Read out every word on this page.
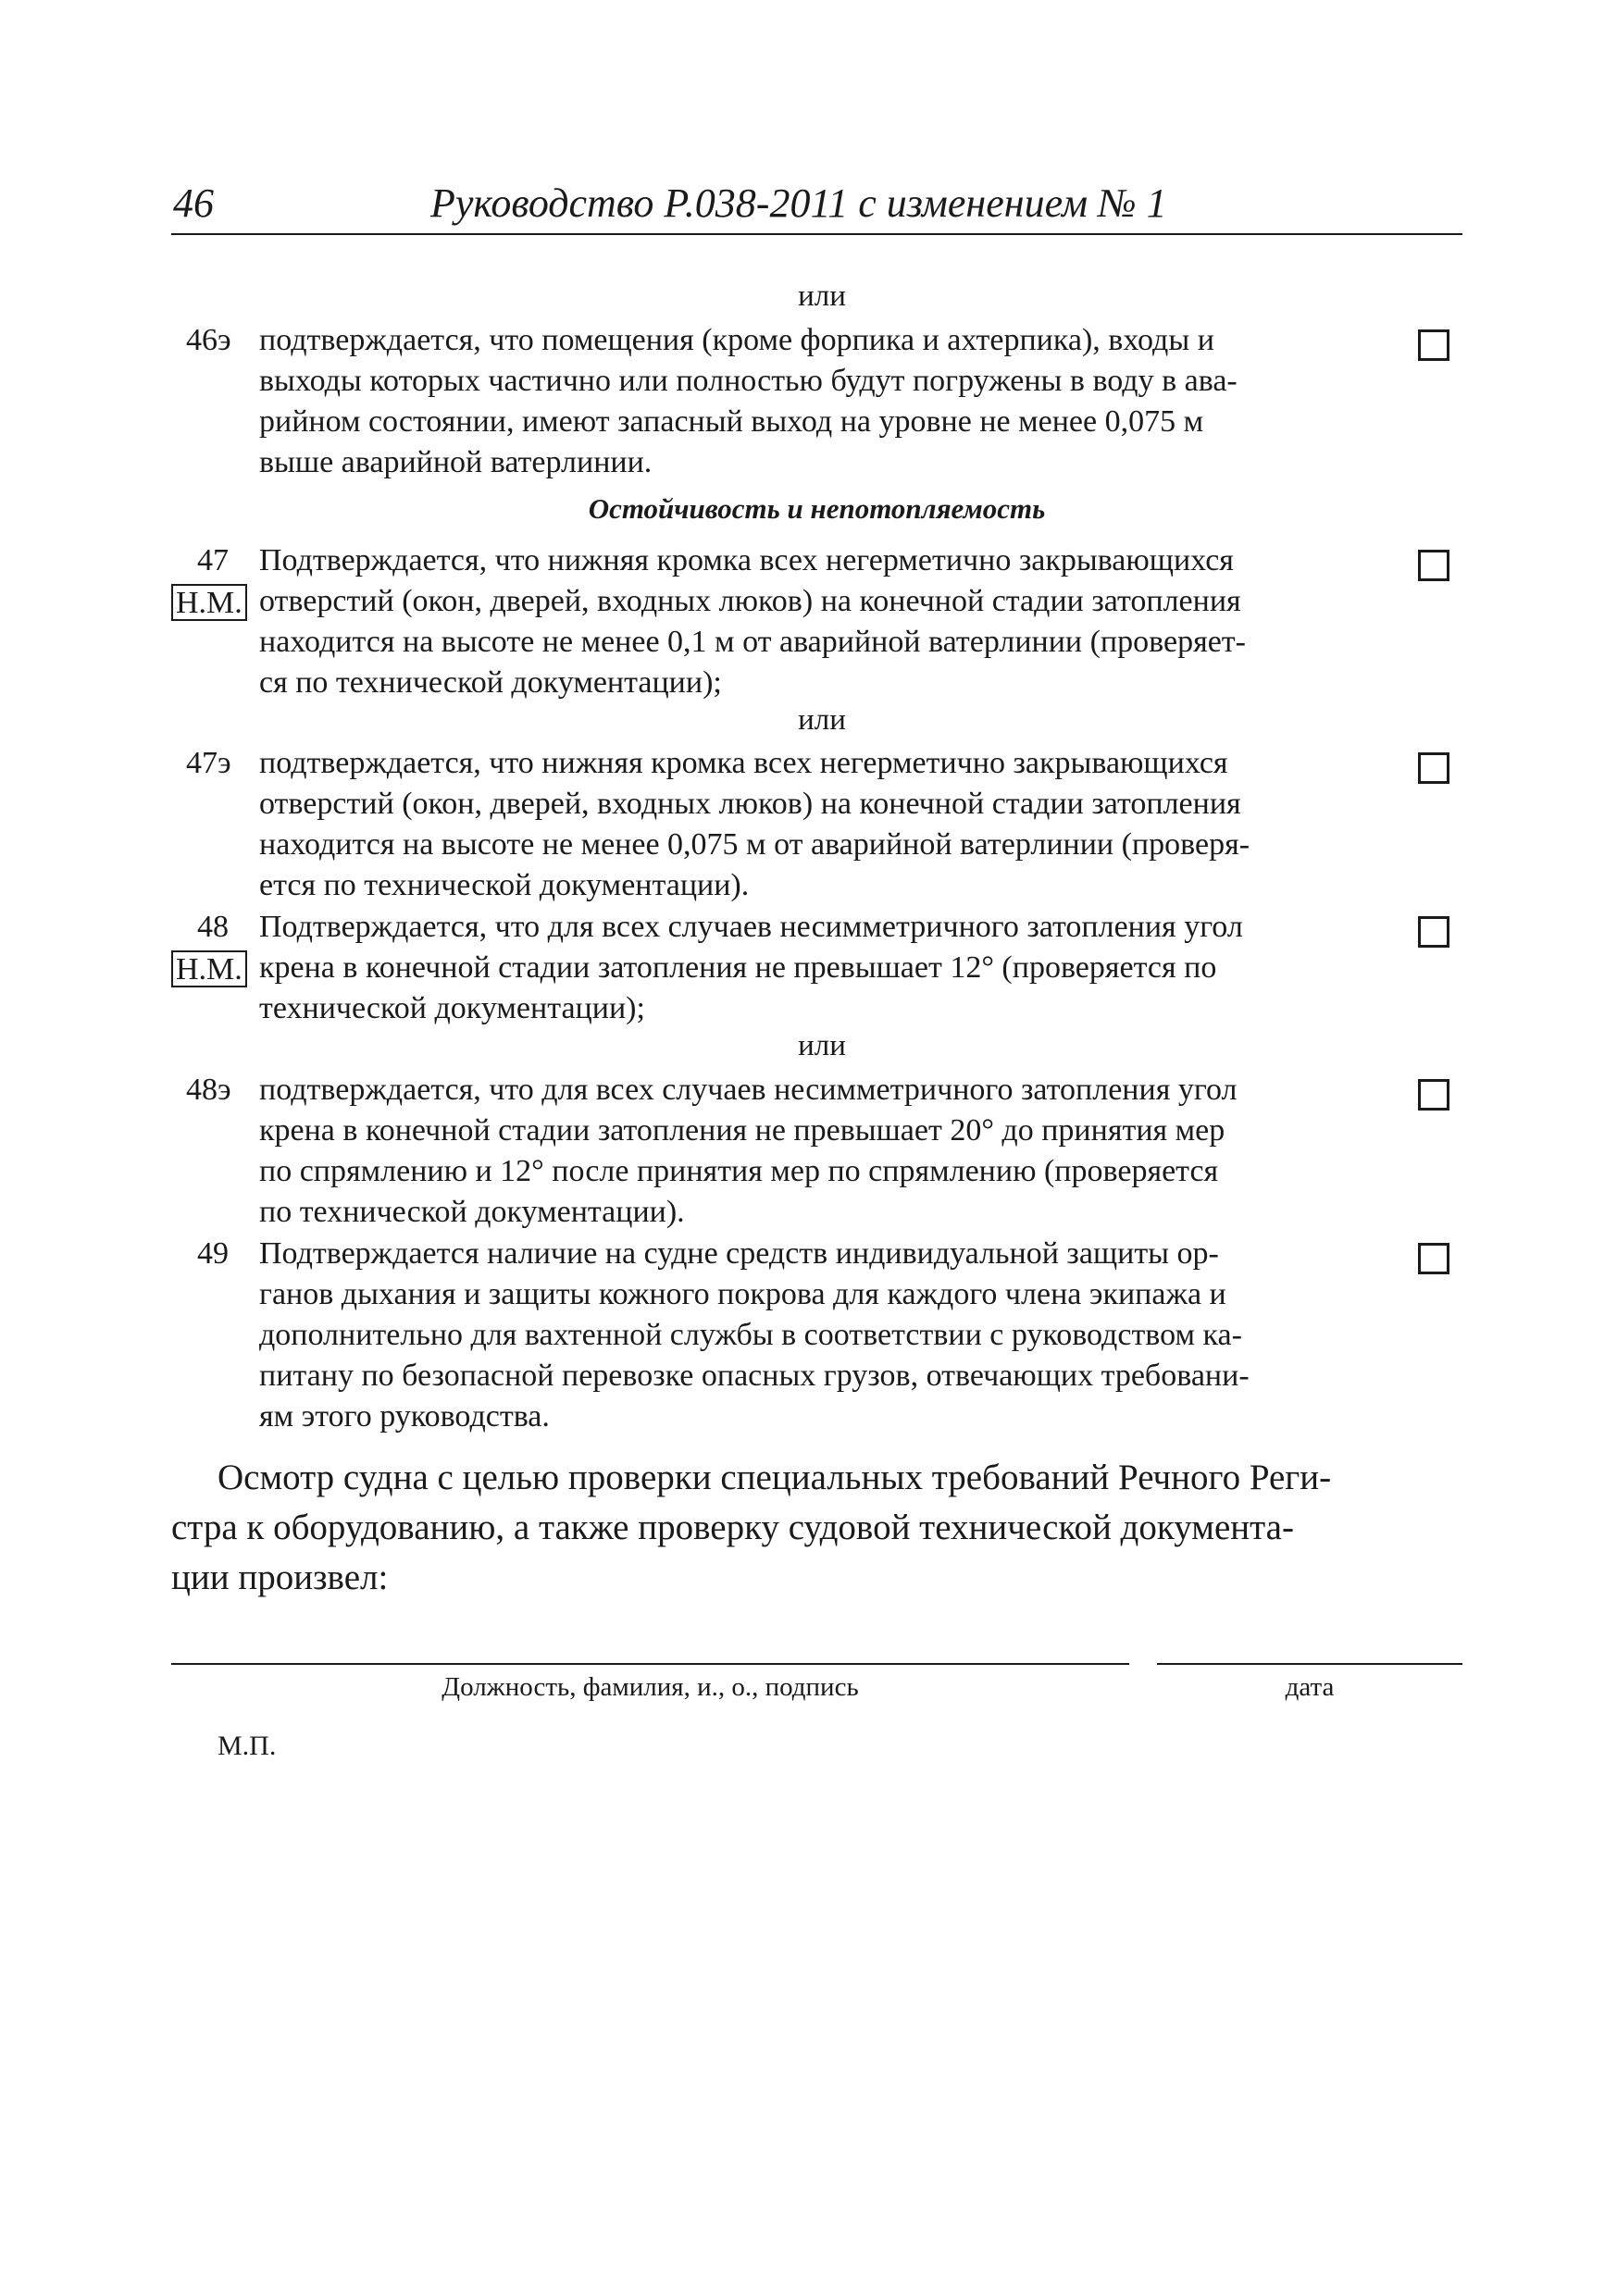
46	Руководство Р.038-2011 с изменением № 1
или
46э подтверждается, что помещения (кроме форпика и ахтерпика), входы и
выходы которых частично или полностью будут погружены в воду в ава-
рийном состоянии, имеют запасный выход на уровне не менее 0,075 м
выше аварийной ватерлинии.
Остойчивость и непотопляемость
47
Н.М.
Подтверждается, что нижняя кромка всех негерметично закрывающихся
отверстий (окон, дверей, входных люков) на конечной стадии затопления
находится на высоте не менее 0,1 м от аварийной ватерлинии (проверяет-
ся по технической документации);
или
47э подтверждается, что нижняя кромка всех негерметично закрывающихся
отверстий (окон, дверей, входных люков) на конечной стадии затопления
находится на высоте не менее 0,075 м от аварийной ватерлинии (проверя-
ется по технической документации).
48
Н.М.
Подтверждается, что для всех случаев несимметричного затопления угол
крена в конечной стадии затопления не превышает 12° (проверяется по
технической документации);
или
48э подтверждается, что для всех случаев несимметричного затопления угол
крена в конечной стадии затопления не превышает 20° до принятия мер
по спрямлению и 12° после принятия мер по спрямлению (проверяется
по технической документации).
49 Подтверждается наличие на судне средств индивидуальной защиты ор-
ганов дыхания и защиты кожного покрова для каждого члена экипажа и
дополнительно для вахтенной службы в соответствии с руководством ка-
питану по безопасной перевозке опасных грузов, отвечающих требовани-
ям этого руководства.
Осмотр судна с целью проверки специальных требований Речного Реги-
стра к оборудованию, а также проверку судовой технической документа-
ции произвел:
Должность, фамилия, и., о., подпись	дата
М.П.
